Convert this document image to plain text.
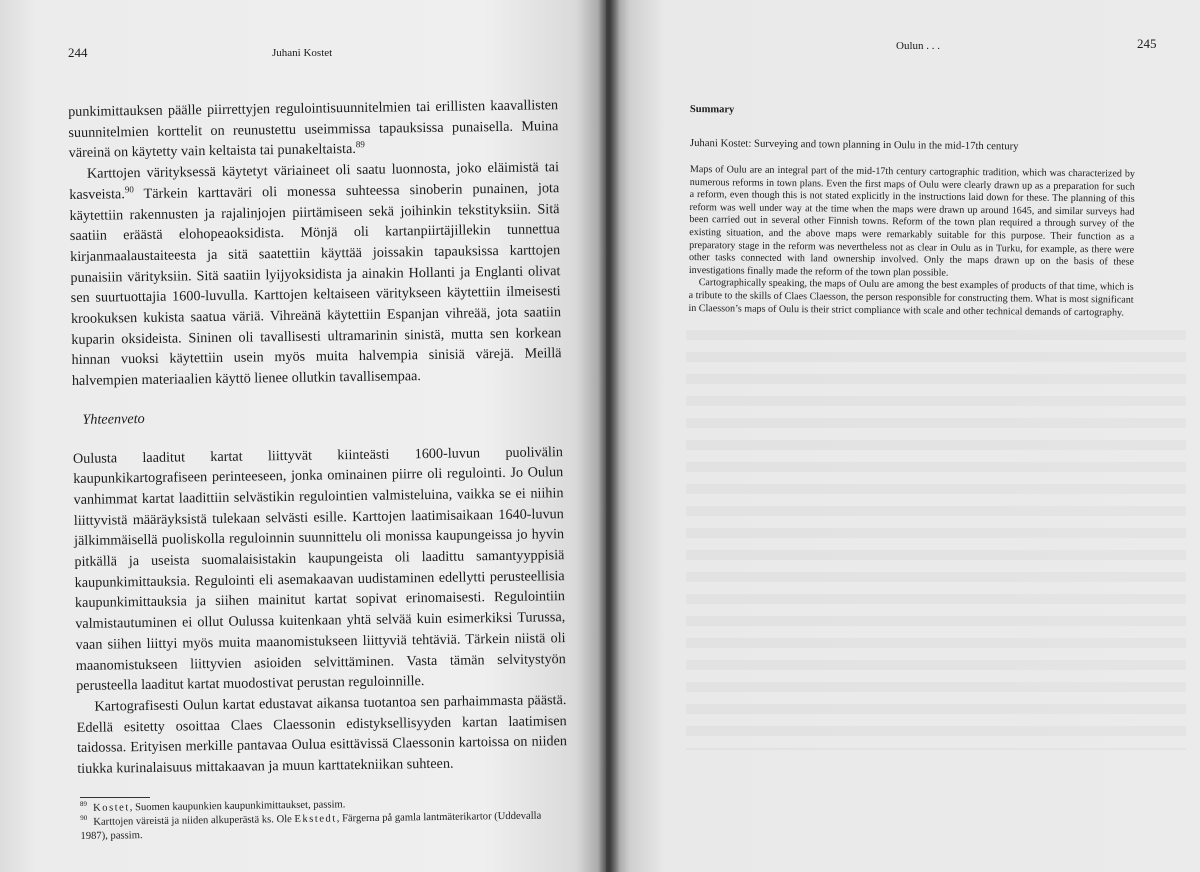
244	Juhani Kostet

punkimittauksen päälle piirrettyjen regulointisuunnitelmien tai erillisten kaavallisten suunnitelmien korttelit on reunustettu useimmissa tapauksissa punaisella. Muina väreinä on käytetty vain keltaista tai punakeltaista.$^{89}$

Karttojen värityksessä käytetyt väriaineet oli saatu luonnosta, joko eläimistä tai kasveista.$^{90}$ Tärkein karttaväri oli monessa suhteessa sinoberin punainen, jota käytettiin rakennusten ja rajalinjojen piirtämiseen sekä joihinkin tekstityksiin. Sitä saatiin eräästä elohopeaoksidista. Mönjä oli kartanpiirtäjillekin tunnettua kirjanmaalaustaiteesta ja sitä saatettiin käyttää joissakin tapauksissa karttojen punaisiin värityksiin. Sitä saatiin lyijyoksidista ja ainakin Hollanti ja Englanti olivat sen suurtuottajia 1600-luvulla. Karttojen keltaiseen väritykseen käytettiin ilmeisesti krookuksen kukista saatua väriä. Vihreänä käytettiin Espanjan vihreää, jota saatiin kuparin oksideista. Sininen oli tavallisesti ultramarinin sinistä, mutta sen korkean hinnan vuoksi käytettiin usein myös muita halvempia sinisiä värejä. Meillä halvempien materiaalien käyttö lienee ollutkin tavallisempaa.

Yhteenveto

Oulusta laaditut kartat liittyvät kiinteästi 1600-luvun puolivälin kaupunkikartografiseen perinteeseen, jonka ominainen piirre oli regulointi. Jo Oulun vanhimmat kartat laadittiin selvästikin regulointien valmisteluina, vaikka se ei niihin liittyvistä määräyksistä tulekaan selvästi esille. Karttojen laatimisaikaan 1640-luvun jälkimmäisellä puoliskolla reguloinnin suunnittelu oli monissa kaupungeissa jo hyvin pitkällä ja useista suomalaisistakin kaupungeista oli laadittu samantyyppisiä kaupunkimittauksia. Regulointi eli asemakaavan uudistaminen edellytti perusteellisia kaupunkimittauksia ja siihen mainitut kartat sopivat erinomaisesti. Regulointiin valmistautuminen ei ollut Oulussa kuitenkaan yhtä selvää kuin esimerkiksi Turussa, vaan siihen liittyi myös muita maanomistukseen liittyviä tehtäviä. Tärkein niistä oli maanomistukseen liittyvien asioiden selvittäminen. Vasta tämän selvitystyön perusteella laaditut kartat muodostivat perustan reguloinnille.

Kartografisesti Oulun kartat edustavat aikansa tuotantoa sen parhaimmasta päästä. Edellä esitetty osoittaa Claes Claessonin edistyksellisyyden kartan laatimisen taidossa. Erityisen merkille pantavaa Oulua esittävissä Claessonin kartoissa on niiden tiukka kurinalaisuus mittakaavan ja muun karttatekniikan suhteen.

$^{89}$ Kostet, Suomen kaupunkien kaupunkimittaukset, passim.

$^{90}$ Karttojen väreistä ja niiden alkuperästä ks. Ole Ekstedt, Färgerna på gamla lantmäterikartor (Uddevalla 1987), passim.

Oulun . . .	245
Summary
Juhani Kostet: Surveying and town planning in Oulu in the mid-17th century

Maps of Oulu are an integral part of the mid-17th century cartographic tradition, which was characterized by numerous reforms in town plans. Even the first maps of Oulu were clearly drawn up as a preparation for such a reform, even though this is not stated explicitly in the instructions laid down for these. The planning of this reform was well under way at the time when the maps were drawn up around 1645, and similar surveys had been carried out in several other Finnish towns. Reform of the town plan required a through survey of the existing situation, and the above maps were remarkably suitable for this purpose. Their function as a preparatory stage in the reform was nevertheless not as clear in Oulu as in Turku, for example, as there were other tasks connected with land ownership involved. Only the maps drawn up on the basis of these investigations finally made the reform of the town plan possible.

Cartographically speaking, the maps of Oulu are among the best examples of products of that time, which is a tribute to the skills of Claes Claesson, the person responsible for constructing them. What is most significant in Claesson’s maps of Oulu is their strict compliance with scale and other technical demands of cartography.
